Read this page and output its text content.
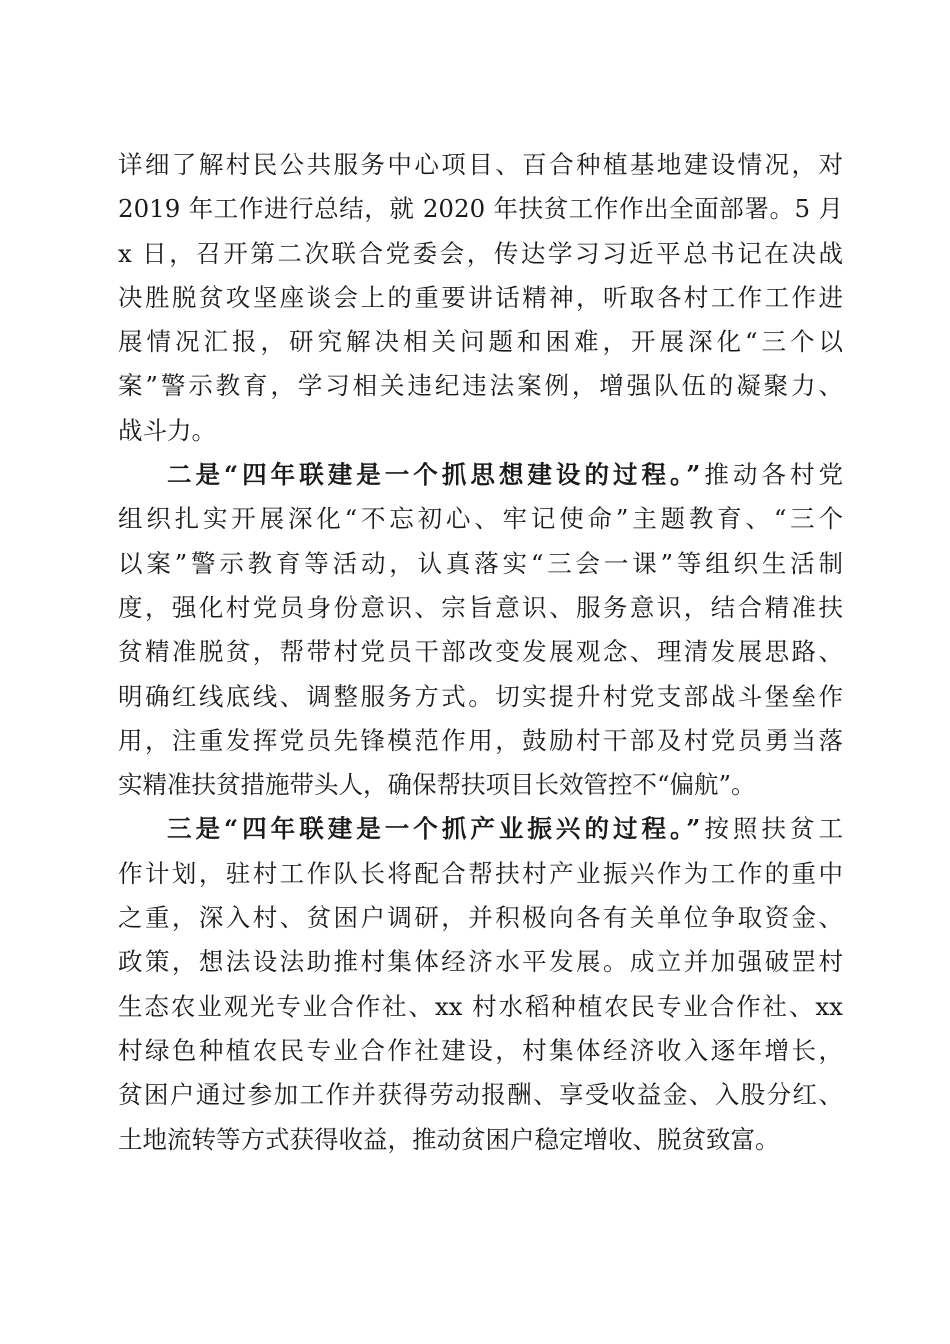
详细了解村民公共服务中心项目、百合种植基地建设情况，对
2019 年工作进行总结，就 2020 年扶贫工作作出全面部署。5 月
x 日，召开第二次联合党委会，传达学习习近平总书记在决战
决胜脱贫攻坚座谈会上的重要讲话精神，听取各村工作工作进
展情况汇报，研究解决相关问题和困难，开展深化“三个以
案”警示教育，学习相关违纪违法案例，增强队伍的凝聚力、
战斗力。
二是“四年联建是一个抓思想建设的过程。”推动各村党
组织扎实开展深化“不忘初心、牢记使命”主题教育、“三个
以案”警示教育等活动，认真落实“三会一课”等组织生活制
度，强化村党员身份意识、宗旨意识、服务意识，结合精准扶
贫精准脱贫，帮带村党员干部改变发展观念、理清发展思路、
明确红线底线、调整服务方式。切实提升村党支部战斗堡垒作
用，注重发挥党员先锋模范作用，鼓励村干部及村党员勇当落
实精准扶贫措施带头人，确保帮扶项目长效管控不“偏航”。
三是“四年联建是一个抓产业振兴的过程。”按照扶贫工
作计划，驻村工作队长将配合帮扶村产业振兴作为工作的重中
之重，深入村、贫困户调研，并积极向各有关单位争取资金、
政策，想法设法助推村集体经济水平发展。成立并加强破罡村
生态农业观光专业合作社、xx 村水稻种植农民专业合作社、xx
村绿色种植农民专业合作社建设，村集体经济收入逐年增长，
贫困户通过参加工作并获得劳动报酬、享受收益金、入股分红、
土地流转等方式获得收益，推动贫困户稳定增收、脱贫致富。
